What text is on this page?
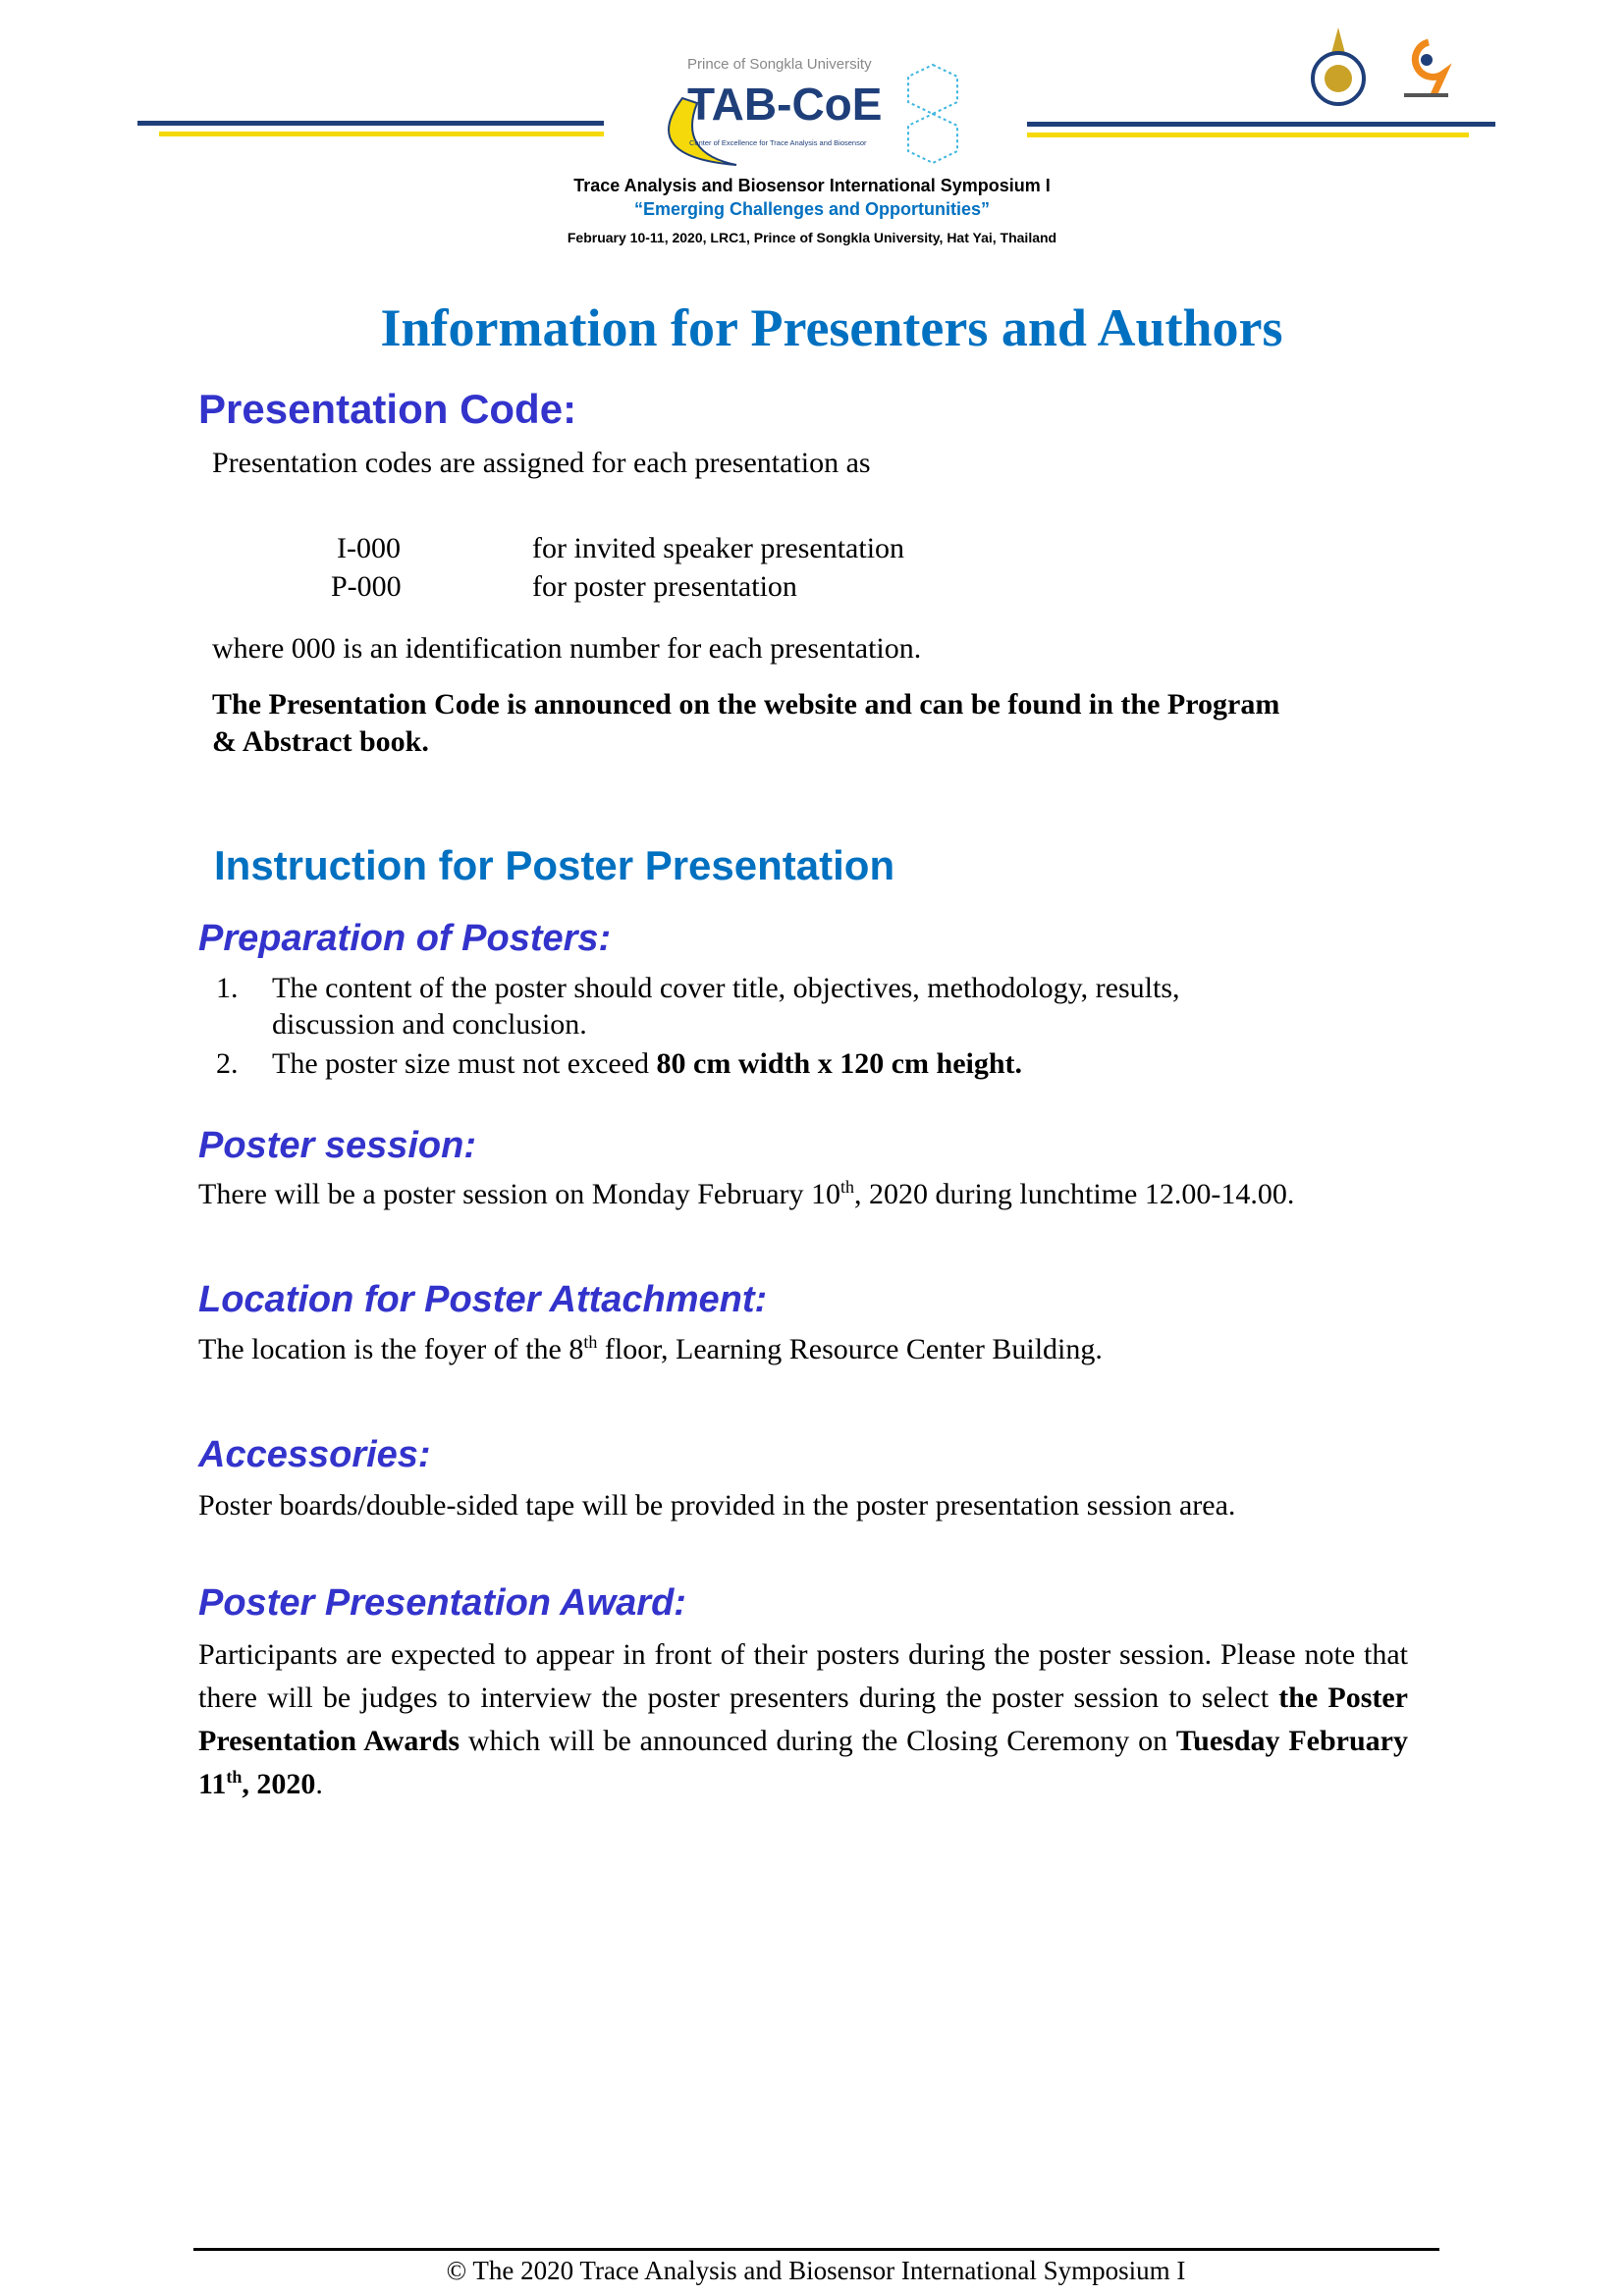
Prince of Songkla University
TAB-CoE
Center of Excellence for Trace Analysis and Biosensor
Trace Analysis and Biosensor International Symposium I
“Emerging Challenges and Opportunities”
February 10-11, 2020, LRC1, Prince of Songkla University, Hat Yai, Thailand
Information for Presenters and Authors
Presentation Code:
Presentation codes are assigned for each presentation as
I-000	for invited speaker presentation
P-000	for poster presentation
where 000 is an identification number for each presentation.
The Presentation Code is announced on the website and can be found in the Program
& Abstract book.
Instruction for Poster Presentation
Preparation of Posters:
1. The content of the poster should cover title, objectives, methodology, results,
discussion and conclusion.
2. The poster size must not exceed 80 cm width x 120 cm height.
Poster session:
There will be a poster session on Monday February 10th, 2020 during lunchtime 12.00-14.00.
Location for Poster Attachment:
The location is the foyer of the 8th floor, Learning Resource Center Building.
Accessories:
Poster boards/double-sided tape will be provided in the poster presentation session area.
Poster Presentation Award:
Participants are expected to appear in front of their posters during the poster session. Please note that there will be judges to interview the poster presenters during the poster session to select the Poster Presentation Awards which will be announced during the Closing Ceremony on Tuesday February 11th, 2020.
© The 2020 Trace Analysis and Biosensor International Symposium I
